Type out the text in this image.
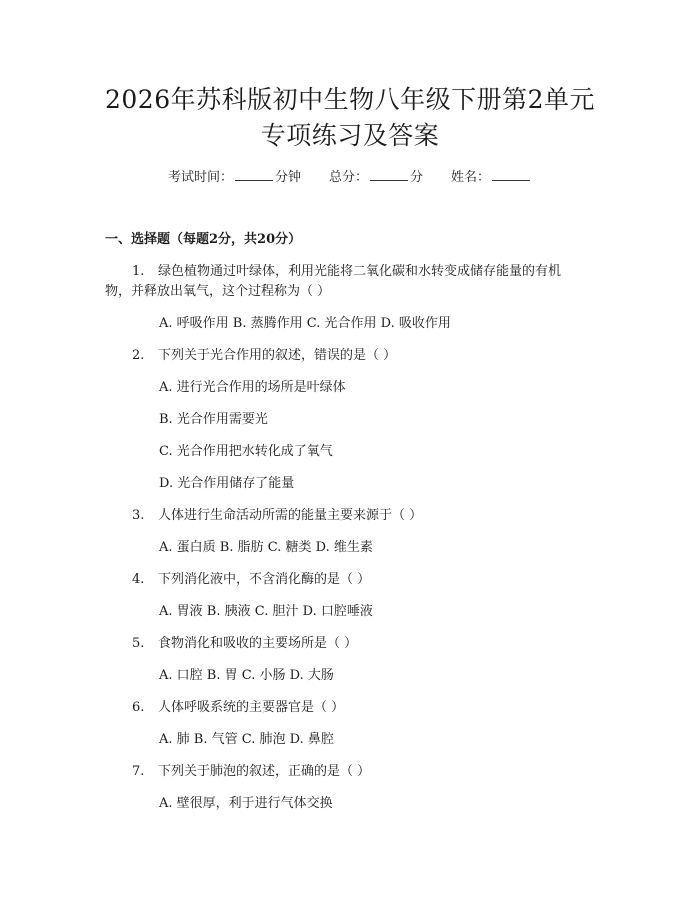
2026年苏科版初中生物八年级下册第2单元
专项练习及答案
考试时间：	分钟 总分：	分 姓名：
一、选择题（每题2分，共20分）
1. 绿色植物通过叶绿体，利用光能将二氧化碳和水转变成储存能量的有机
物，并释放出氧气，这个过程称为（ ）
A. 呼吸作用 B. 蒸腾作用 C. 光合作用 D. 吸收作用
2. 下列关于光合作用的叙述，错误的是（ ）
A. 进行光合作用的场所是叶绿体
B. 光合作用需要光
C. 光合作用把水转化成了氧气
D. 光合作用储存了能量
3. 人体进行生命活动所需的能量主要来源于（ ）
A. 蛋白质 B. 脂肪 C. 糖类 D. 维生素
4. 下列消化液中，不含消化酶的是（ ）
A. 胃液 B. 胰液 C. 胆汁 D. 口腔唾液
5. 食物消化和吸收的主要场所是（ ）
A. 口腔 B. 胃 C. 小肠 D. 大肠
6. 人体呼吸系统的主要器官是（ ）
A. 肺 B. 气管 C. 肺泡 D. 鼻腔
7. 下列关于肺泡的叙述，正确的是（ ）
A. 壁很厚，利于进行气体交换
